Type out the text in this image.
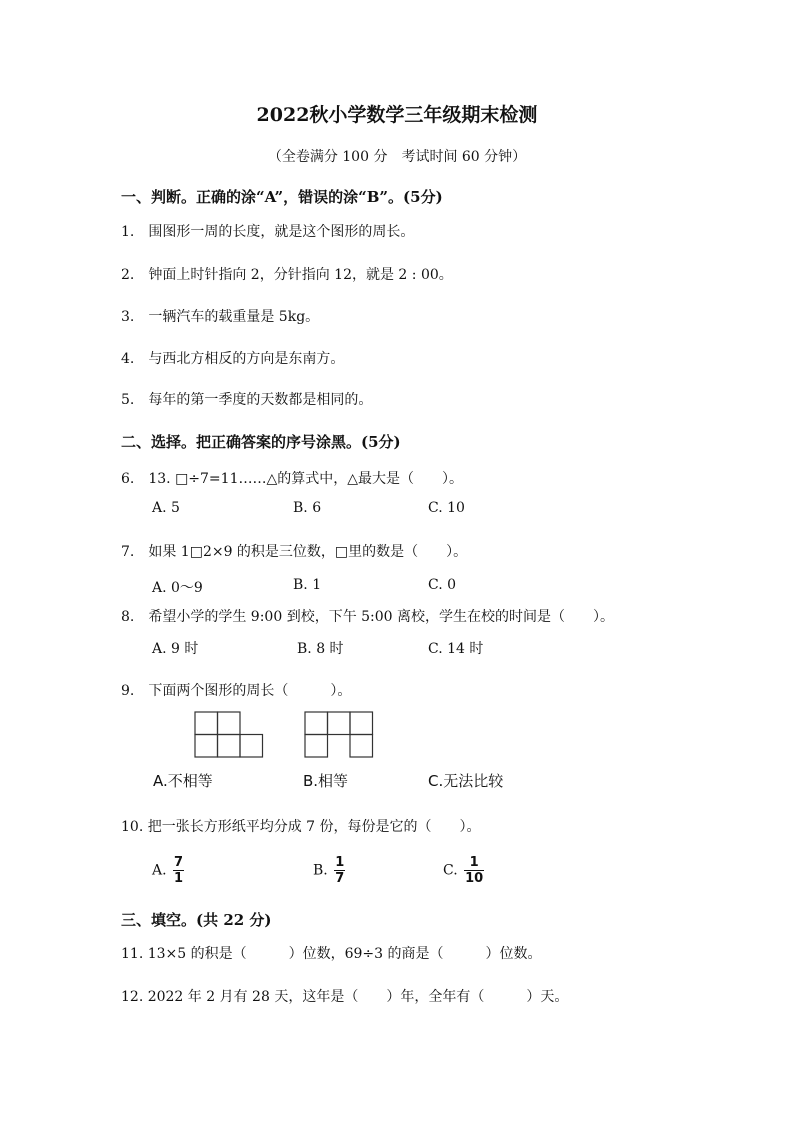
2022秋小学数学三年级期末检测
（全卷满分 100 分　考试时间 60 分钟）
一、判断。正确的涂“A”，错误的涂“B”。(5分)
1.　围图形一周的长度，就是这个图形的周长。
2.　钟面上时针指向 2，分针指向 12，就是 2 : 00。
3.　一辆汽车的载重量是 5kg。
4.　与西北方相反的方向是东南方。
5.　每年的第一季度的天数都是相同的。
二、选择。把正确答案的序号涂黑。(5分)
6.　13. □÷7=11……△的算式中，△最大是（　　）。
A. 5	B. 6	C. 10
7.　如果 1□2×9 的积是三位数，□里的数是（　　）。
A. 0～9	B. 1	C. 0
8.　希望小学的学生 9:00 到校，下午 5:00 离校，学生在校的时间是（　　）。
A. 9 时	B. 8 时	C. 14 时
9.　下面两个图形的周长（　　　）。
A.不相等	B.相等	C.无法比较
10. 把一张长方形纸平均分成 7 份，每份是它的（　　）。
A. $\frac{7}{1}$	B. $\frac{1}{7}$	C. $\frac{1}{10}$
三、填空。(共 22 分)
11. 13×5 的积是（　　　）位数，69÷3 的商是（　　　）位数。
12. 2022 年 2 月有 28 天，这年是（　　）年，全年有（　　　）天。
